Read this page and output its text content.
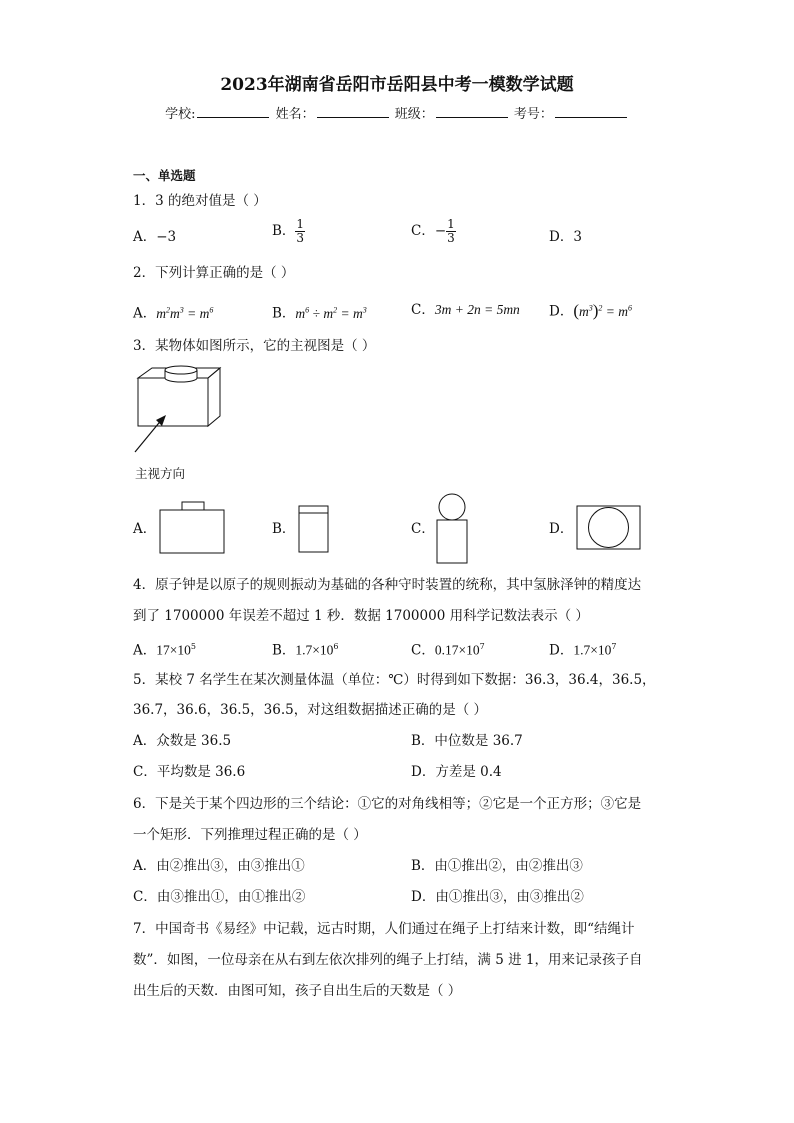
2023年湖南省岳阳市岳阳县中考一模数学试题
学校:	姓名：	班级：	考号：
一、单选题
1．3 的绝对值是（ ）
A．−3	B． $\frac{1}{3}$	C．− $\frac{1}{3}$	D．3
2．下列计算正确的是（ ）
A．$m^2m^3 = m^6$	B．$m^6 \div m^2 = m^3$	C．3m + 2n = 5mn D．$(m^3)^2 = m^6$
3．某物体如图所示，它的主视图是（ ）
主视方向
A．	B．	C．	D．
4．原子钟是以原子的规则振动为基础的各种守时装置的统称，其中氢脉泽钟的精度达
到了 1700000 年误差不超过 1 秒．数据 1700000 用科学记数法表示（ ）
A．$17\times 10^5$	B．$1.7\times 10^6$	C．$0.17\times 10^7$	D．$1.7\times 10^7$
5．某校 7 名学生在某次测量体温（单位：℃）时得到如下数据：36.3，36.4，36.5，
36.7，36.6，36.5，36.5，对这组数据描述正确的是（ ）
A．众数是 36.5	B．中位数是 36.7
C．平均数是 36.6	D．方差是 0.4
6．下是关于某个四边形的三个结论：①它的对角线相等；②它是一个正方形；③它是
一个矩形．下列推理过程正确的是（ ）
A．由②推出③，由③推出①	B．由①推出②，由②推出③
C．由③推出①，由①推出②	D．由①推出③，由③推出②
7．中国奇书《易经》中记载，远古时期，人们通过在绳子上打结来计数，即“结绳计
数”．如图，一位母亲在从右到左依次排列的绳子上打结，满 5 进 1，用来记录孩子自
出生后的天数．由图可知，孩子自出生后的天数是（ ）
